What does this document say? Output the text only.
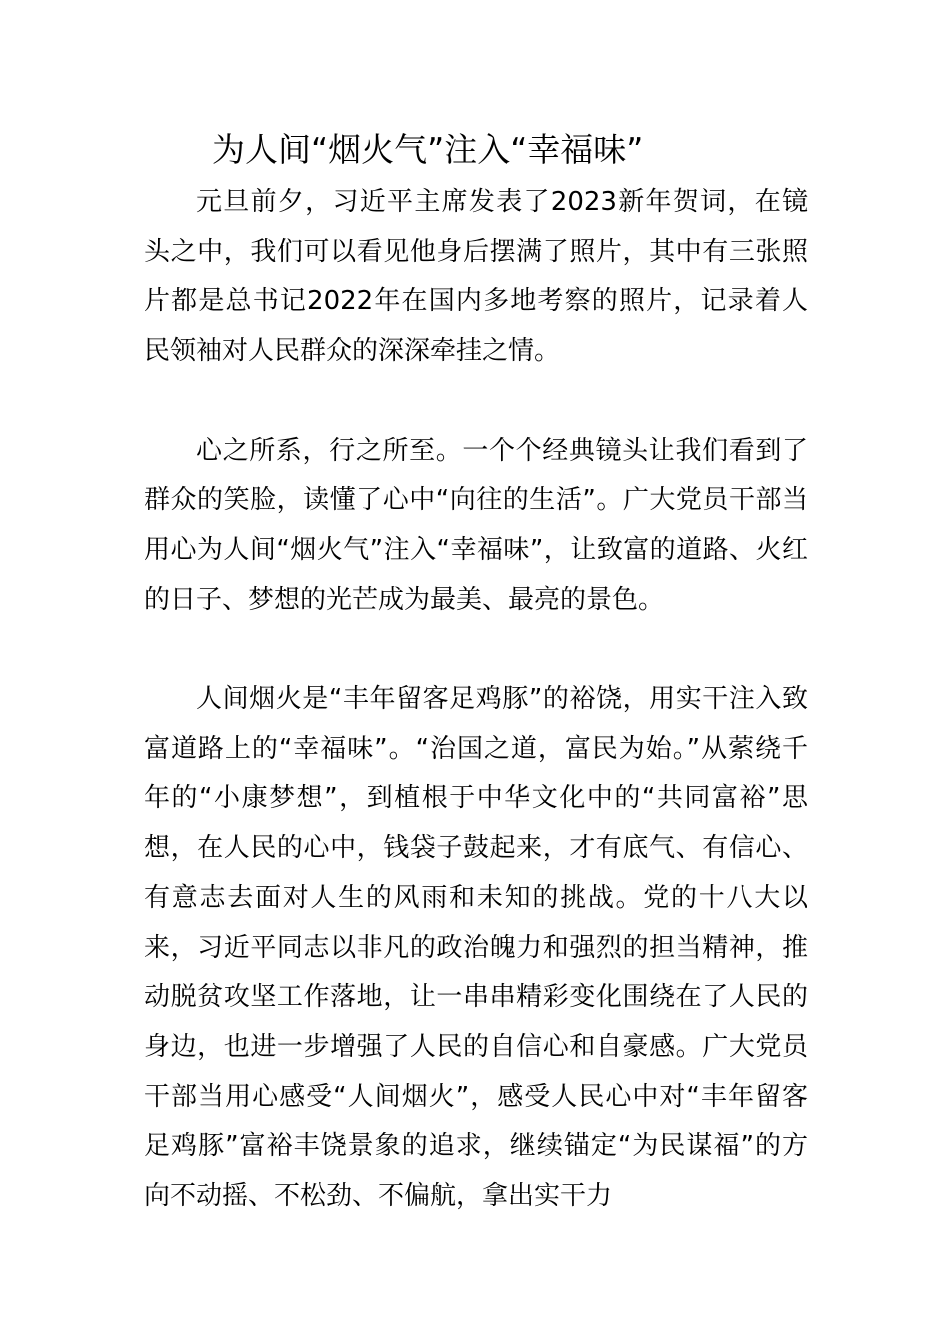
为人间“烟火气”注入“幸福味”

元旦前夕，习近平主席发表了2023新年贺词，在镜头之中，我们可以看见他身后摆满了照片，其中有三张照片都是总书记2022年在国内多地考察的照片，记录着人民领袖对人民群众的深深牵挂之情。

心之所系，行之所至。一个个经典镜头让我们看到了群众的笑脸，读懂了心中“向往的生活”。广大党员干部当用心为人间“烟火气”注入“幸福味”，让致富的道路、火红的日子、梦想的光芒成为最美、最亮的景色。

人间烟火是“丰年留客足鸡豚”的裕饶，用实干注入致富道路上的“幸福味”。“治国之道，富民为始。”从萦绕千年的“小康梦想”，到植根于中华文化中的“共同富裕”思想，在人民的心中，钱袋子鼓起来，才有底气、有信心、有意志去面对人生的风雨和未知的挑战。党的十八大以来，习近平同志以非凡的政治魄力和强烈的担当精神，推动脱贫攻坚工作落地，让一串串精彩变化围绕在了人民的身边，也进一步增强了人民的自信心和自豪感。广大党员干部当用心感受“人间烟火”，感受人民心中对“丰年留客足鸡豚”富裕丰饶景象的追求，继续锚定“为民谋福”的方向不动摇、不松劲、不偏航，拿出实干力
